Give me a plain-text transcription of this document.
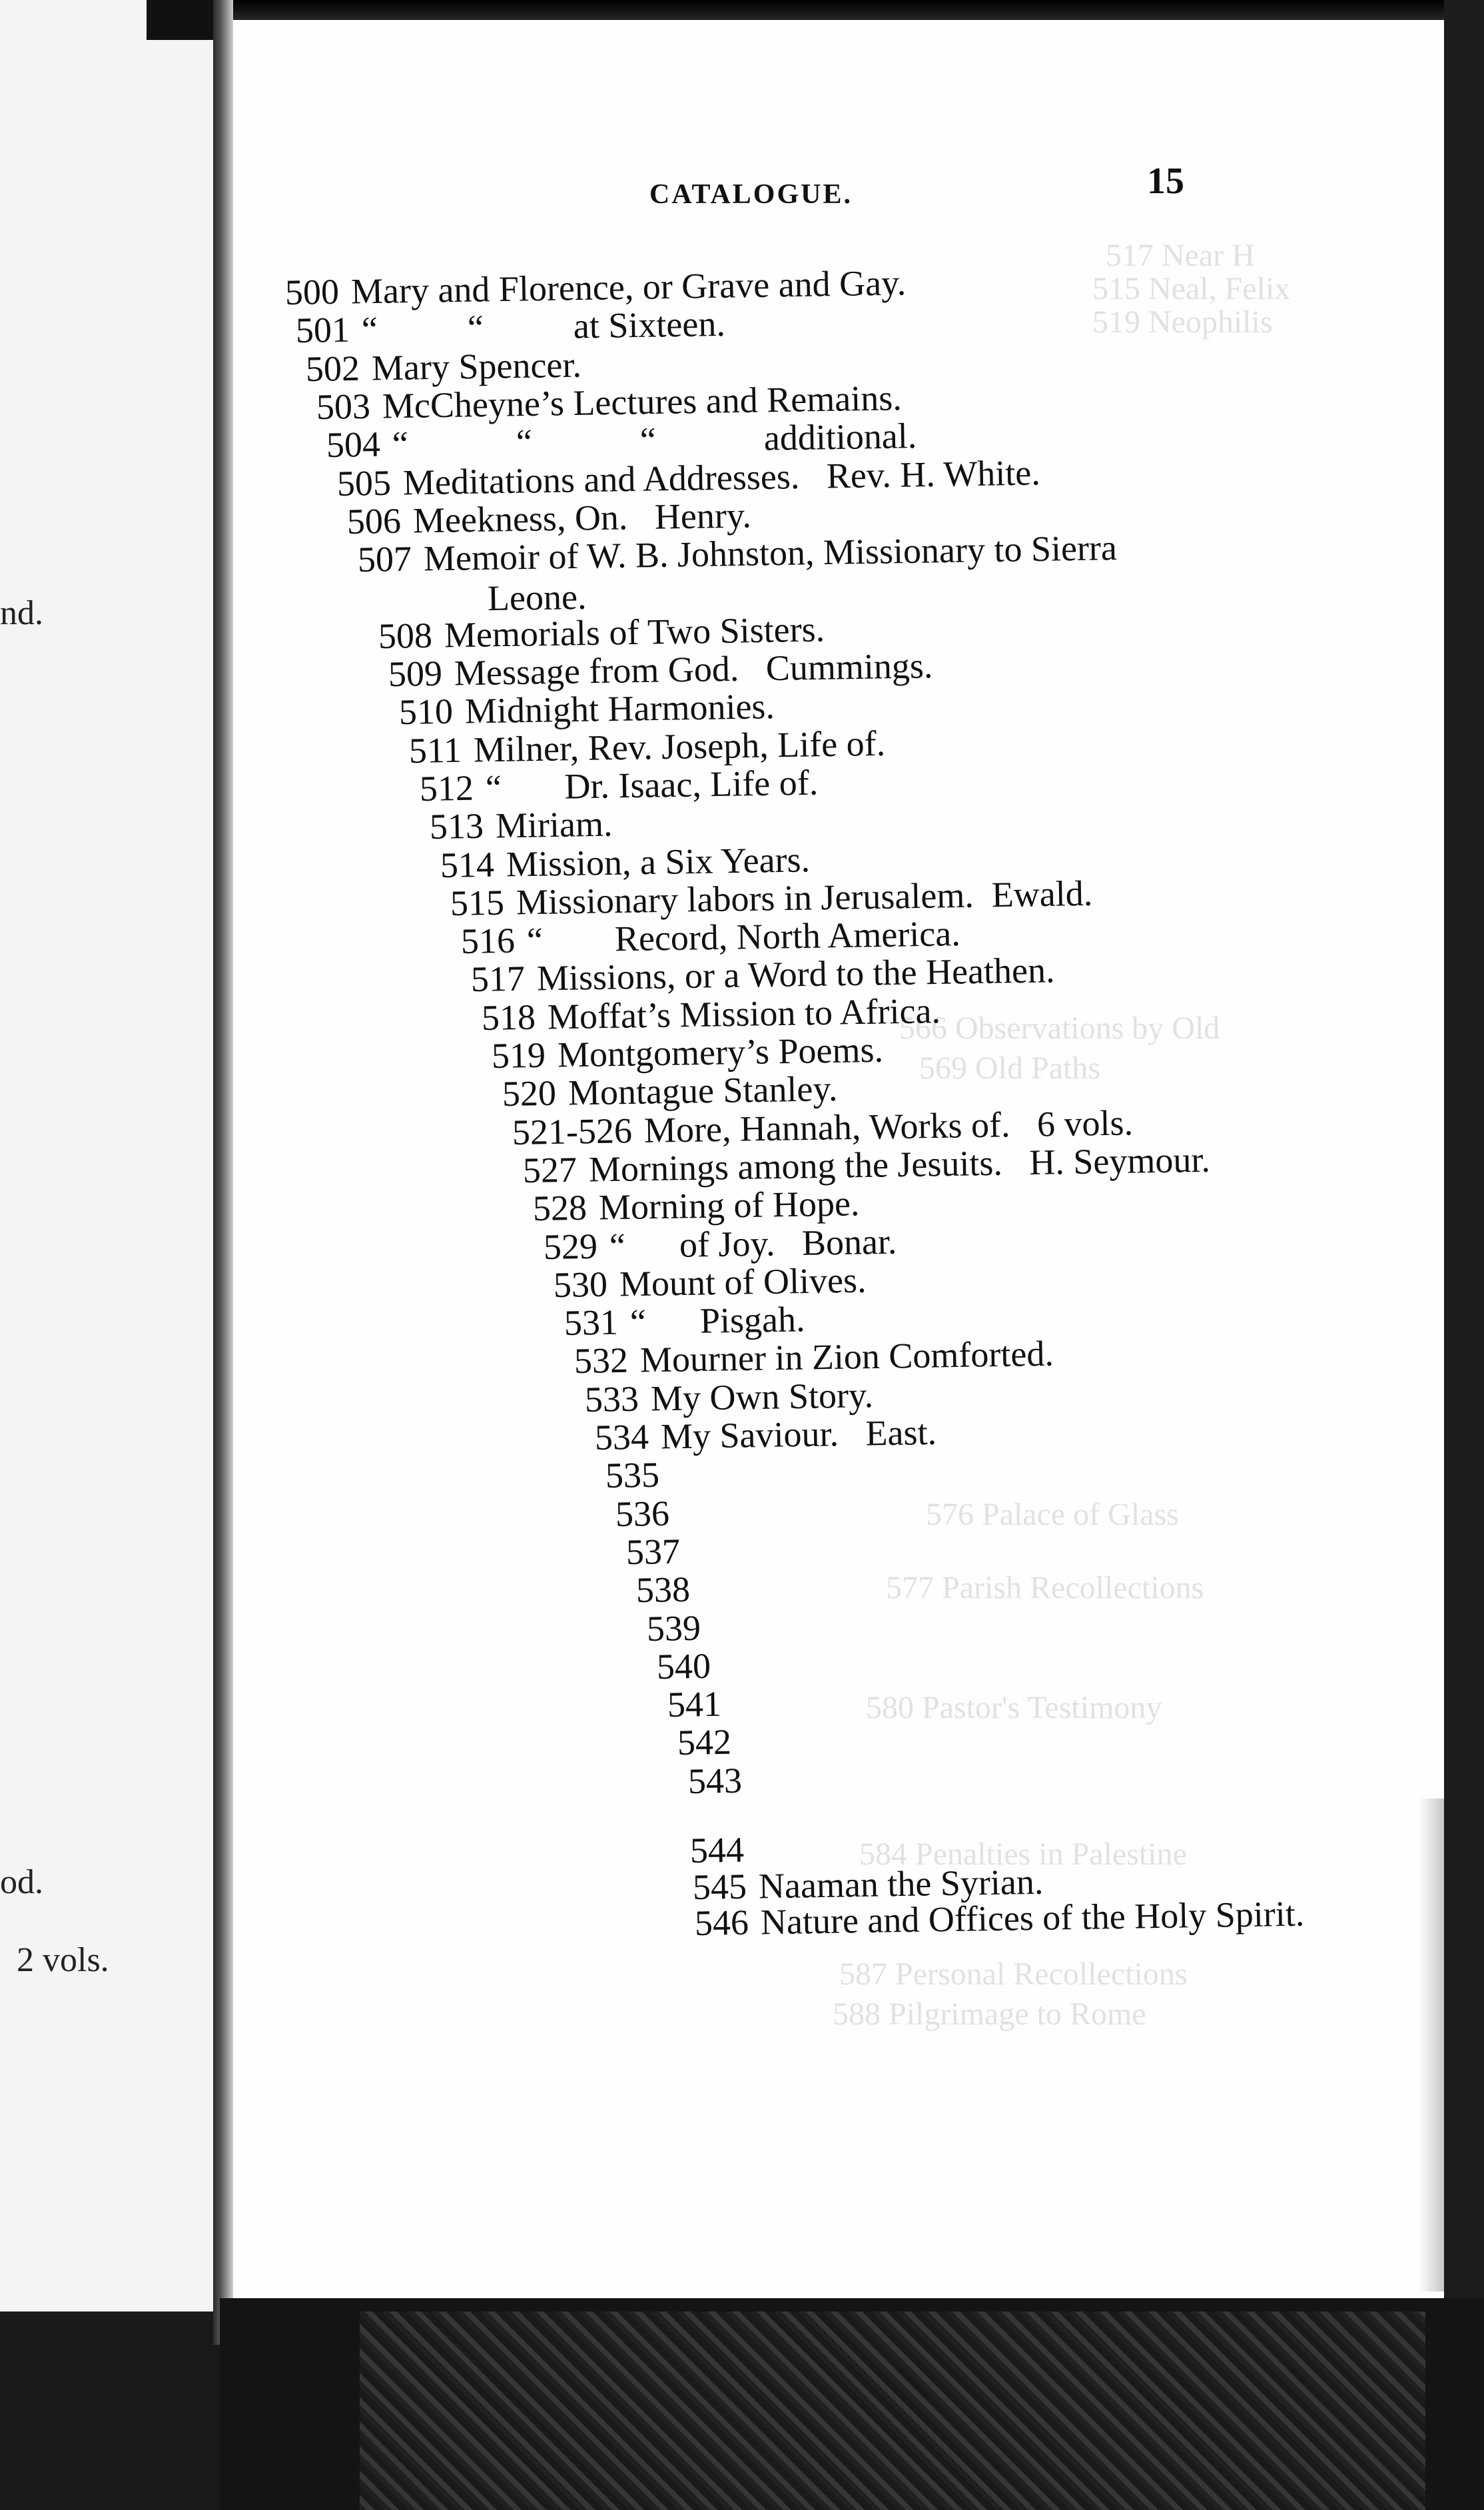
517 Near H
515 Neal, Felix
519 Neophilis
566 Observations by Old
569 Old Paths
576 Palace of Glass
577 Parish Recollections
580 Pastor's Testimony
584 Penalties in Palestine
587 Personal Recollections
588 Pilgrimage to Rome
nd.
od.
2 vols.
CATALOGUE.	15
500 Mary and Florence, or Grave and Gay.
501 “          “          at Sixteen.
502 Mary Spencer.
503 McCheyne’s Lectures and Remains.
504 “            “            “            additional.
505 Meditations and Addresses.   Rev. H. White.
506 Meekness, On.   Henry.
507 Memoir of W. B. Johnston, Missionary to Sierra
Leone.
508 Memorials of Two Sisters.
509 Message from God.   Cummings.
510 Midnight Harmonies.
511 Milner, Rev. Joseph, Life of.
512 “       Dr. Isaac, Life of.
513 Miriam.
514 Mission, a Six Years.
515 Missionary labors in Jerusalem.  Ewald.
516 “        Record, North America.
517 Missions, or a Word to the Heathen.
518 Moffat’s Mission to Africa.
519 Montgomery’s Poems.
520 Montague Stanley.
521-526 More, Hannah, Works of.   6 vols.
527 Mornings among the Jesuits.   H. Seymour.
528 Morning of Hope.
529 “      of Joy.   Bonar.
530 Mount of Olives.
531 “      Pisgah.
532 Mourner in Zion Comforted.
533 My Own Story.
534 My Saviour.   East.
535
536
537
538
539
540
541
542
543
544
545 Naaman the Syrian.
546 Nature and Offices of the Holy Spirit.
